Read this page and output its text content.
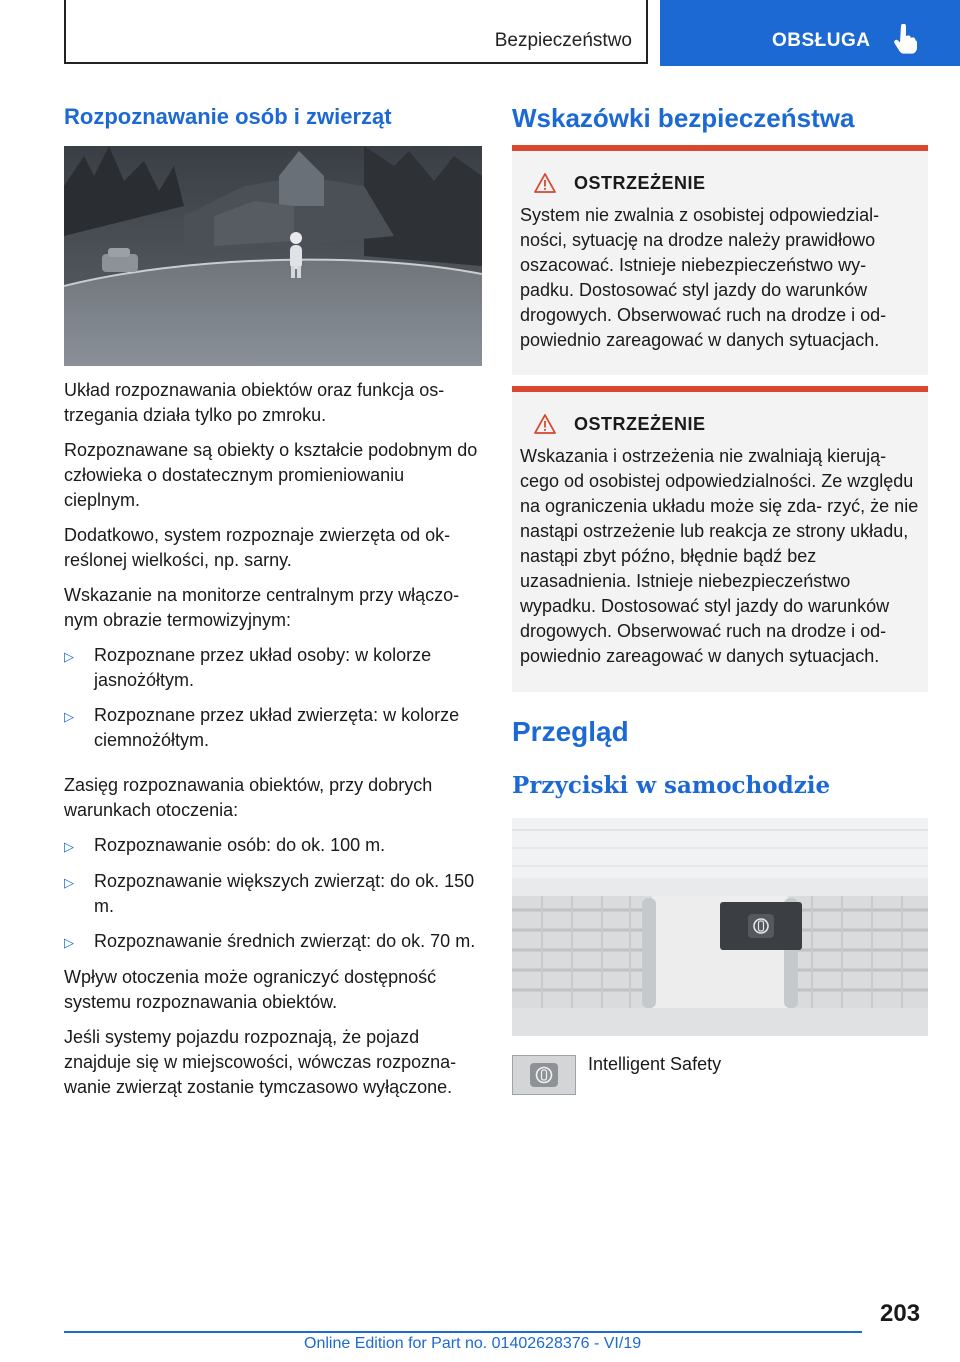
Bezpieczeństwo	OBSŁUGA
Rozpoznawanie osób i zwierząt

Układ rozpoznawania obiektów oraz funkcja os‐ trzegania działa tylko po zmroku.

Rozpoznawane są obiekty o kształcie podobnym do człowieka o dostatecznym promieniowaniu cieplnym.

Dodatkowo, system rozpoznaje zwierzęta od ok‐ reślonej wielkości, np. sarny.

Wskazanie na monitorze centralnym przy włączo‐ nym obrazie termowizyjnym:

▷	Rozpoznane przez układ osoby: w kolorze jasnożółtym.
▷	Rozpoznane przez układ zwierzęta: w kolorze ciemnożółtym.

Zasięg rozpoznawania obiektów, przy dobrych warunkach otoczenia:

▷	Rozpoznawanie osób: do ok. 100 m.
▷	Rozpoznawanie większych zwierząt: do ok. 150 m.
▷	Rozpoznawanie średnich zwierząt: do ok. 70 m.

Wpływ otoczenia może ograniczyć dostępność systemu rozpoznawania obiektów.

Jeśli systemy pojazdu rozpoznają, że pojazd znajduje się w miejscowości, wówczas rozpozna‐ wanie zwierząt zostanie tymczasowo wyłączone.

Wskazówki bezpieczeństwa
OSTRZEŻENIE

System nie zwalnia z osobistej odpowiedzial‐ ności, sytuację na drodze należy prawidłowo oszacować. Istnieje niebezpieczeństwo wy‐ padku. Dostosować styl jazdy do warunków drogowych. Obserwować ruch na drodze i od‐ powiednio zareagować w danych sytuacjach.

OSTRZEŻENIE

Wskazania i ostrzeżenia nie zwalniają kierują‐ cego od osobistej odpowiedzialności. Ze względu na ograniczenia układu może się zda‐ rzyć, że nie nastąpi ostrzeżenie lub reakcja ze strony układu, nastąpi zbyt późno, błędnie bądź bez uzasadnienia. Istnieje niebezpieczeństwo wypadku. Dostosować styl jazdy do warunków drogowych. Obserwować ruch na drodze i od‐ powiednio zareagować w danych sytuacjach.

Przegląd
Przyciski w samochodzie
Intelligent Safety
203
Online Edition for Part no. 01402628376 - VI/19
